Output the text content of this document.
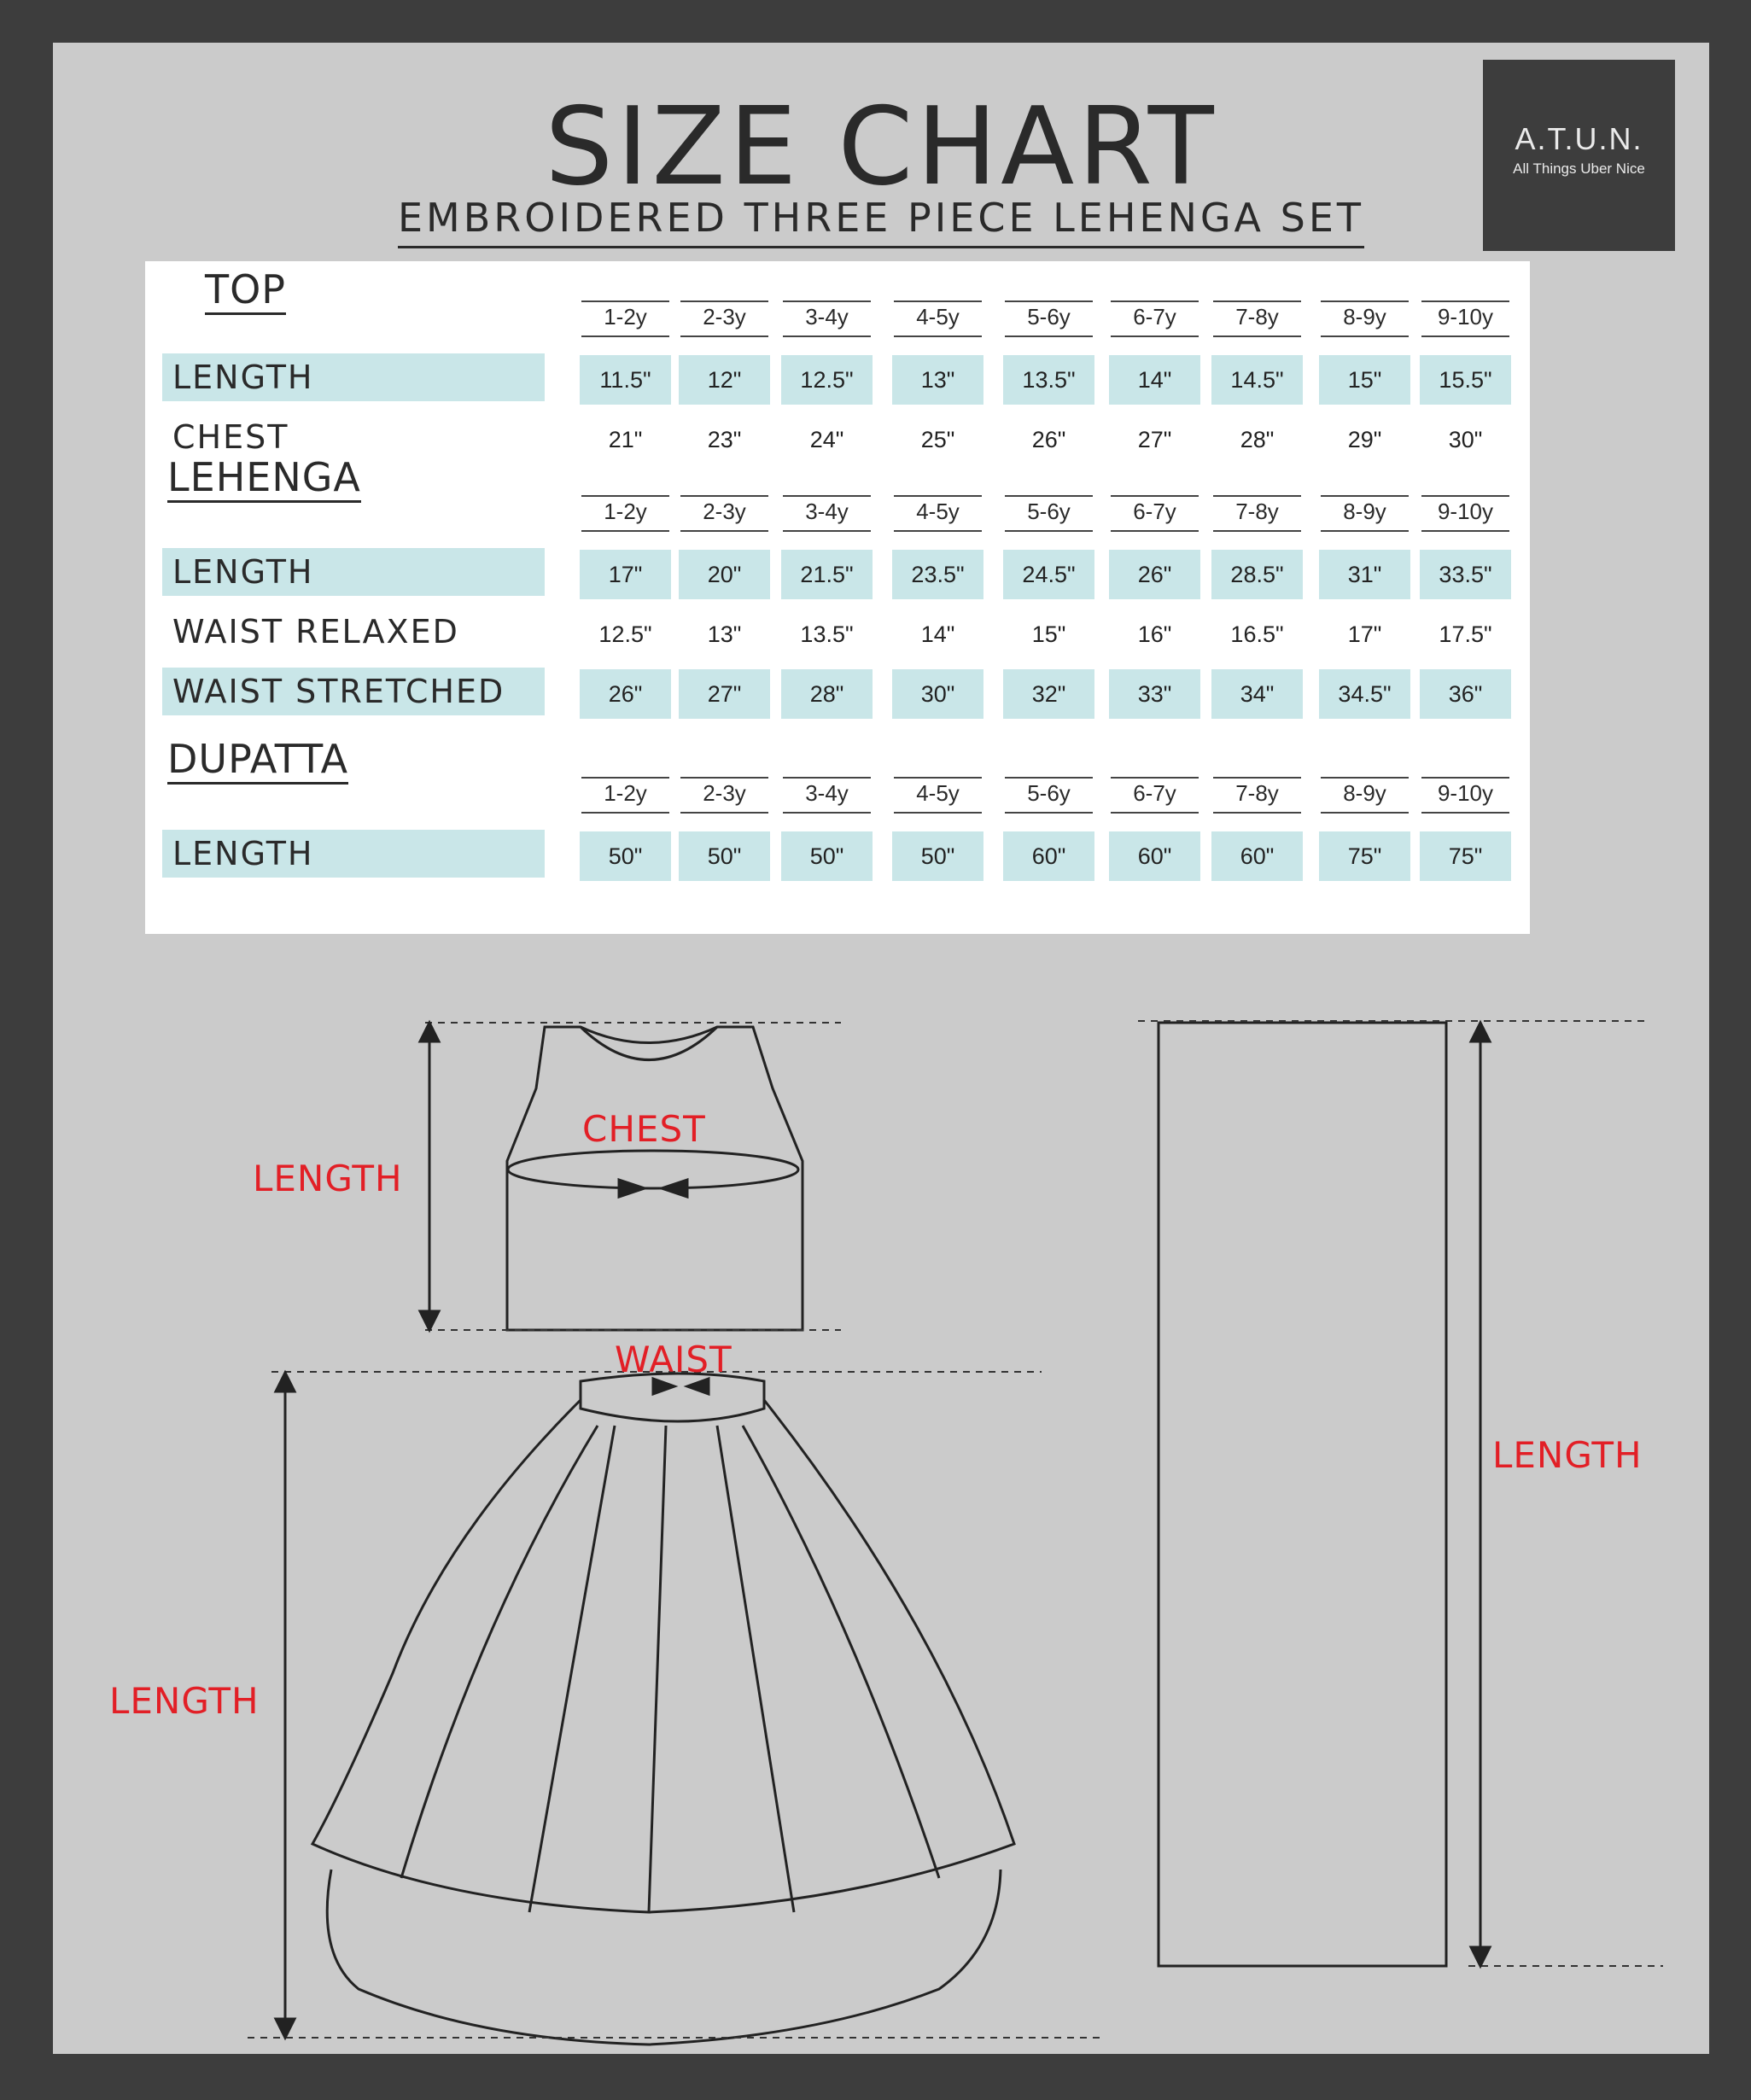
SIZE CHART
EMBROIDERED THREE PIECE LEHENGA SET
A.T.U.N.
All Things Uber Nice
TOP
1-2y	2-3y	3-4y	4-5y	5-6y	6-7y	7-8y	8-9y	9-10y
LENGTH	11.5"	12"	12.5"	13"	13.5"	14"	14.5"	15"	15.5"
CHEST	21"	23"	24"	25"	26"	27"	28"	29"	30"
LEHENGA
1-2y	2-3y	3-4y	4-5y	5-6y	6-7y	7-8y	8-9y	9-10y
LENGTH	17"	20"	21.5"	23.5"	24.5"	26"	28.5"	31"	33.5"
WAIST RELAXED	12.5"	13"	13.5"	14"	15"	16"	16.5"	17"	17.5"
WAIST STRETCHED	26"	27"	28"	30"	32"	33"	34"	34.5"	36"
DUPATTA
1-2y	2-3y	3-4y	4-5y	5-6y	6-7y	7-8y	8-9y	9-10y
LENGTH	50"	50"	50"	50"	60"	60"	60"	75"	75"
LENGTH
CHEST
WAIST
LENGTH
LENGTH
